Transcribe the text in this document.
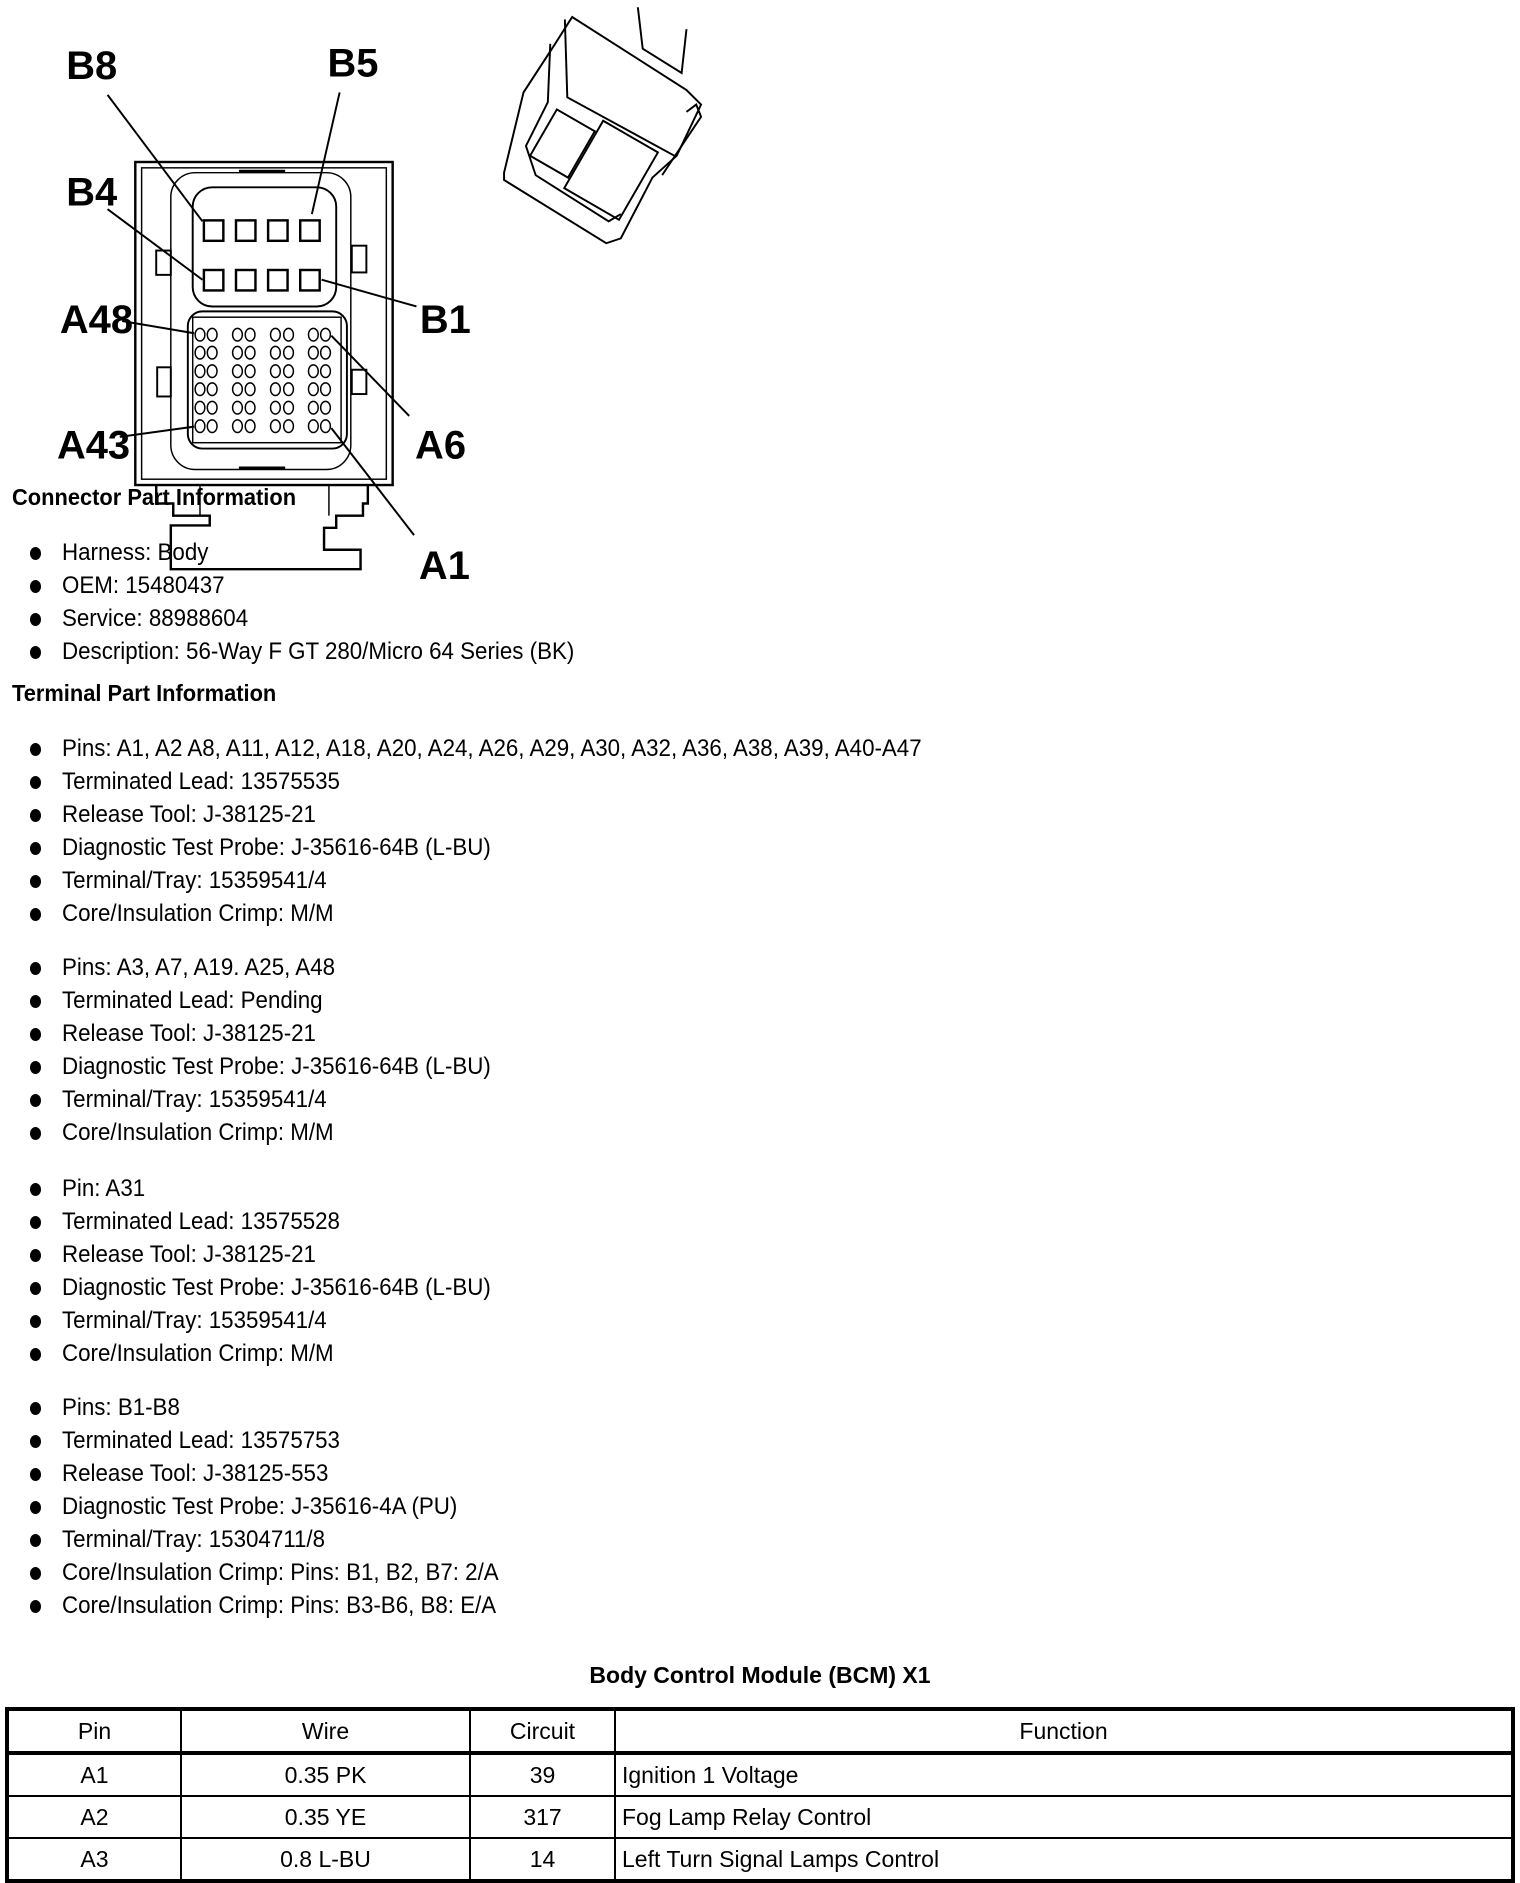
B8	B5
B4
B1
A48
A43	A6
A1
Connector Part Information
Harness: Body
OEM: 15480437
Service: 88988604
Description: 56-Way F GT 280/Micro 64 Series (BK)
Terminal Part Information
Pins: A1, A2 A8, A11, A12, A18, A20, A24, A26, A29, A30, A32, A36, A38, A39, A40-A47
Terminated Lead: 13575535
Release Tool: J-38125-21
Diagnostic Test Probe: J-35616-64B (L-BU)
Terminal/Tray: 15359541/4
Core/Insulation Crimp: M/M
Pins: A3, A7, A19. A25, A48
Terminated Lead: Pending
Release Tool: J-38125-21
Diagnostic Test Probe: J-35616-64B (L-BU)
Terminal/Tray: 15359541/4
Core/Insulation Crimp: M/M
Pin: A31
Terminated Lead: 13575528
Release Tool: J-38125-21
Diagnostic Test Probe: J-35616-64B (L-BU)
Terminal/Tray: 15359541/4
Core/Insulation Crimp: M/M
Pins: B1-B8
Terminated Lead: 13575753
Release Tool: J-38125-553
Diagnostic Test Probe: J-35616-4A (PU)
Terminal/Tray: 15304711/8
Core/Insulation Crimp: Pins: B1, B2, B7: 2/A
Core/Insulation Crimp: Pins: B3-B6, B8: E/A
Body Control Module (BCM) X1
Pin	Wire	Circuit	Function
A1	0.35 PK	39	Ignition 1 Voltage
A2	0.35 YE	317	Fog Lamp Relay Control
A3	0.8 L-BU	14	Left Turn Signal Lamps Control
